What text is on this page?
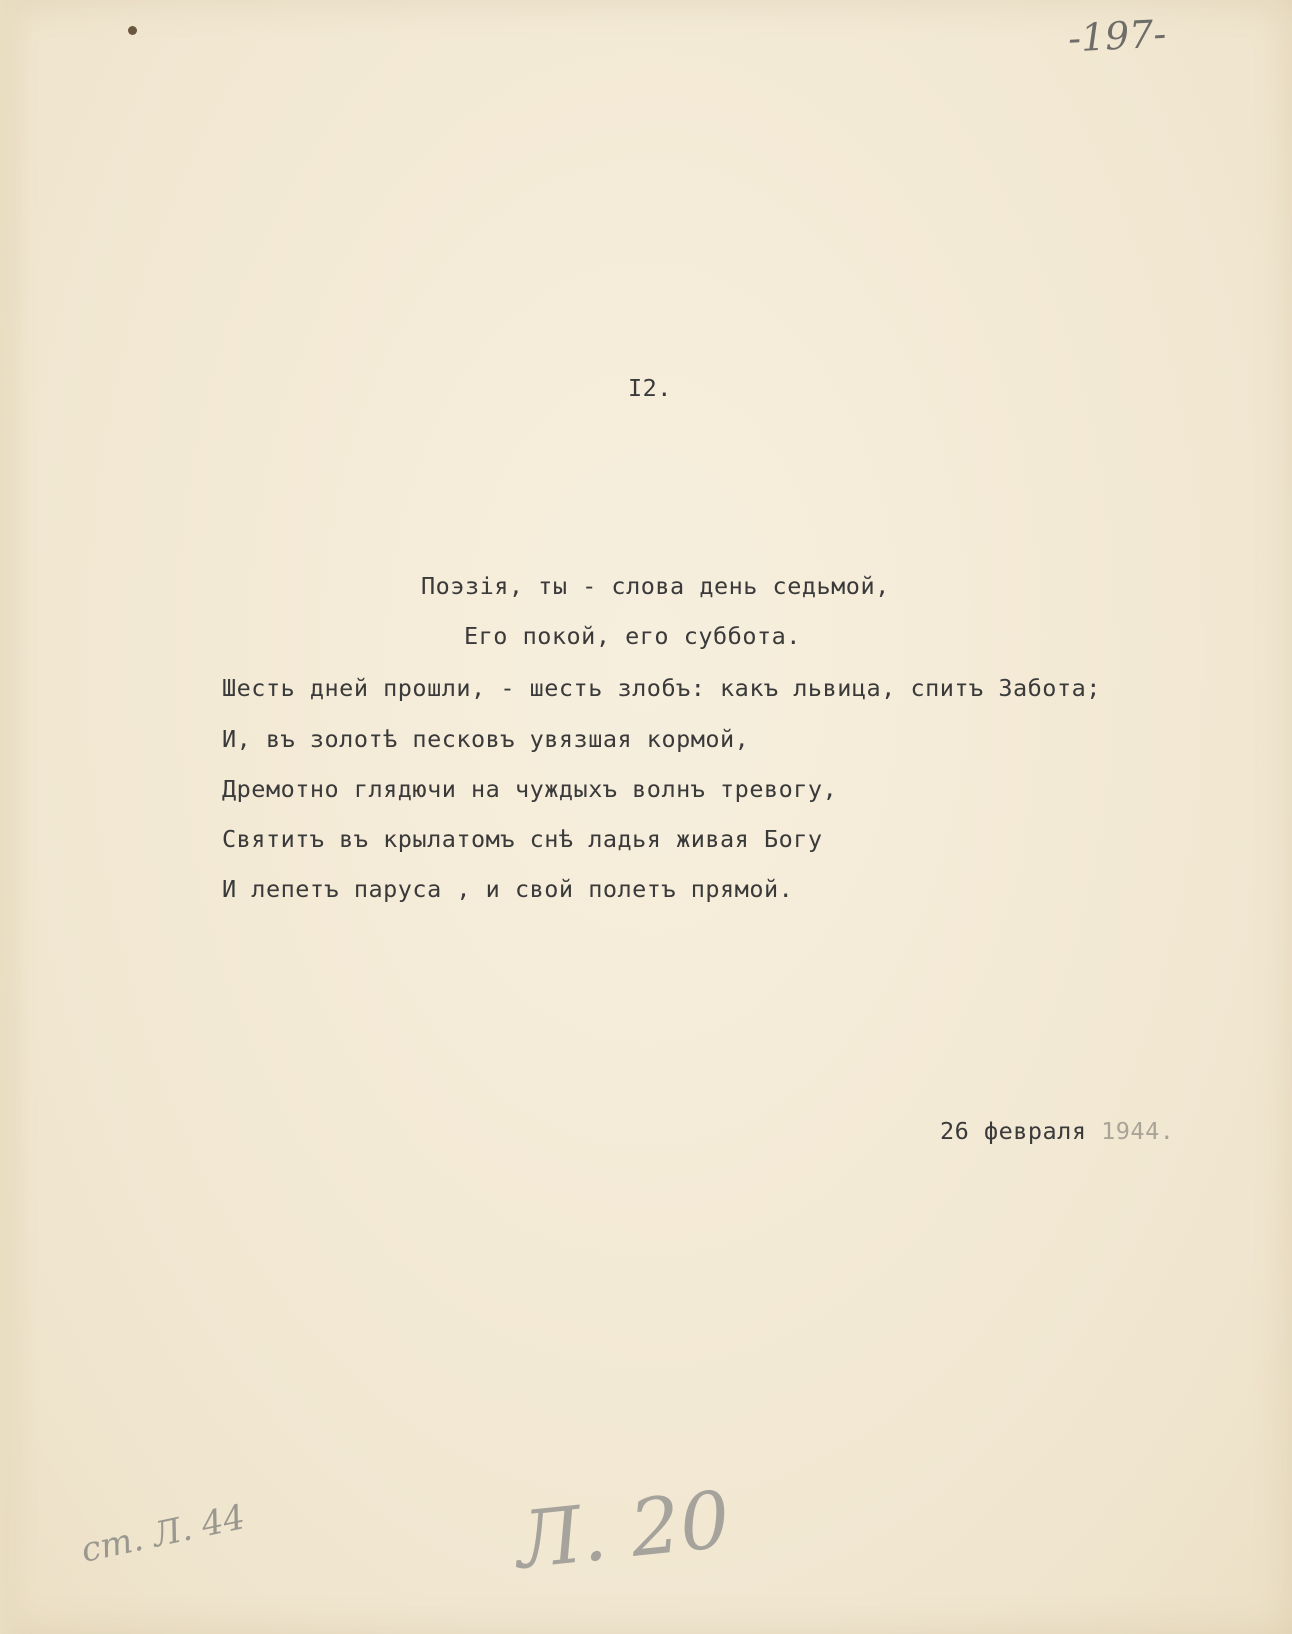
-197-
I2.
Поэзія, ты - слова день седьмой,
Его покой, его суббота.
Шесть дней прошли, - шесть злобъ: какъ львица, спитъ Забота;
И, въ золотѣ песковъ увязшая кормой,
Дремотно глядючи на чуждыхъ волнъ тревогу,
Святитъ въ крылатомъ снѣ ладья живая Богу
И лепетъ паруса , и свой полетъ прямой.
26 февраля 1944.
ст. Л. 44	Л. 20
